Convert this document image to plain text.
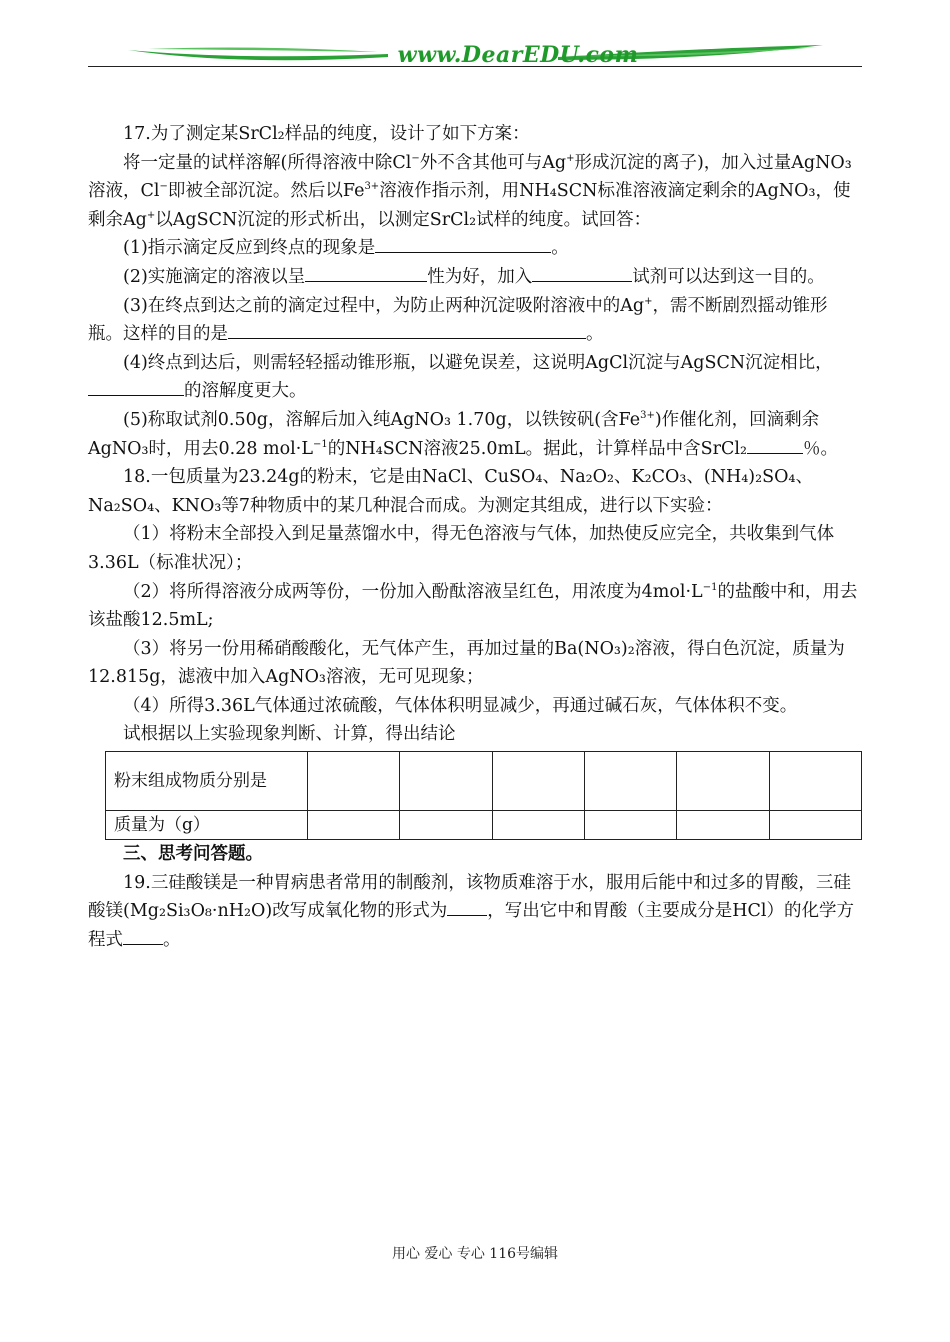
www.DearEDU.com

17.为了测定某SrCl₂样品的纯度，设计了如下方案：

将一定量的试样溶解(所得溶液中除Cl−外不含其他可与Ag+形成沉淀的离子)，加入过量AgNO₃溶液，Cl−即被全部沉淀。然后以$Fe^{3+}$溶液作指示剂，用NH₄SCN标准溶液滴定剩余的AgNO₃，使剩余Ag+以AgSCN沉淀的形式析出，以测定SrCl₂试样的纯度。试回答：

(1)指示滴定反应到终点的现象是	。

(2)实施滴定的溶液以呈	性为好，加入	试剂可以达到这一目的。

(3)在终点到达之前的滴定过程中，为防止两种沉淀吸附溶液中的Ag+，需不断剧烈摇动锥形瓶。这样的目的是	。

(4)终点到达后，则需轻轻摇动锥形瓶，以避免误差，这说明AgCl沉淀与AgSCN沉淀相比，的溶解度更大。

(5)称取试剂0.50g，溶解后加入纯AgNO₃ 1.70g，以铁铵矾(含$Fe^{3+}$)作催化剂，回滴剩余AgNO₃时，用去0.28 $mol\cdot L^{-1}$的NH₄SCN溶液25.0mL。据此，计算样品中含SrCl₂	％。

18.一包质量为23.24g的粉末，它是由NaCl、CuSO₄、Na₂O₂、K₂CO₃、(NH₄)₂SO₄、Na₂SO₄、KNO₃等7种物质中的某几种混合而成。为测定其组成，进行以下实验：

（1）将粉末全部投入到足量蒸馏水中，得无色溶液与气体，加热使反应完全，共收集到气体3.36L（标准状况）；

（2）将所得溶液分成两等份，一份加入酚酞溶液呈红色，用浓度为$4mol\cdot L^{-1}$的盐酸中和，用去该盐酸12.5mL;

（3）将另一份用稀硝酸酸化，无气体产生，再加过量的Ba(NO₃)₂溶液，得白色沉淀，质量为12.815g，滤液中加入AgNO₃溶液，无可见现象；

（4）所得3.36L气体通过浓硫酸，气体体积明显减少，再通过碱石灰，气体体积不变。

试根据以上实验现象判断、计算，得出结论

粉末组成物质分别是						
质量为（g）						

三、思考问答题。

19.三硅酸镁是一种胃病患者常用的制酸剂，该物质难溶于水，服用后能中和过多的胃酸，三硅酸镁(Mg₂Si₃O₈·nH₂O)改写成氧化物的形式为 ，写出它中和胃酸（主要成分是HCl）的化学方程式 。

用心 爱心 专心 116号编辑
